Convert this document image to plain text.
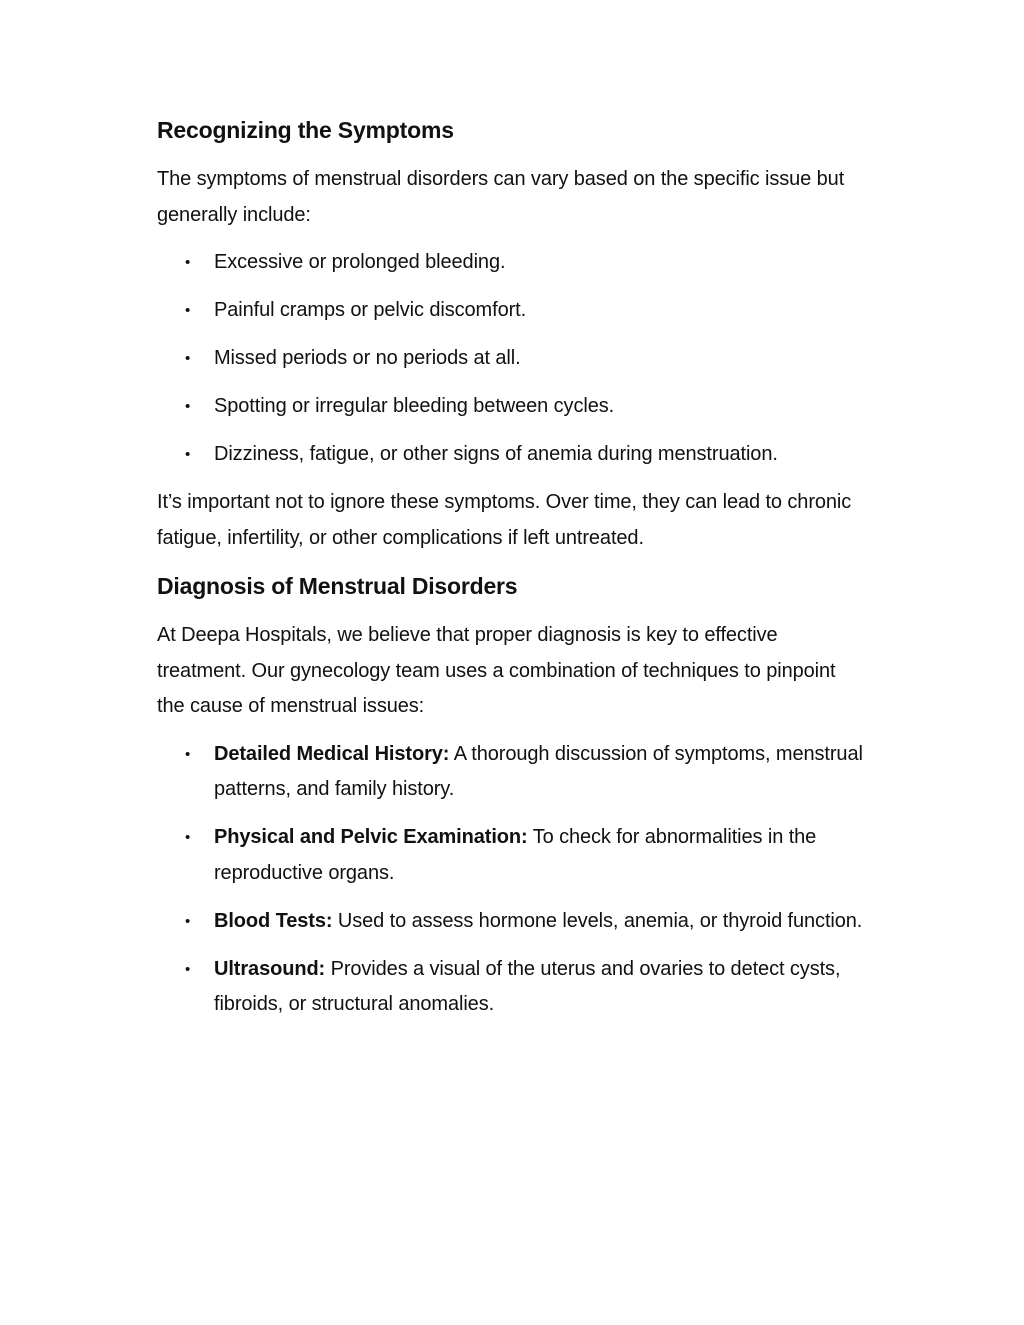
Recognizing the Symptoms

The symptoms of menstrual disorders can vary based on the specific issue but generally include:

• Excessive or prolonged bleeding.
• Painful cramps or pelvic discomfort.
• Missed periods or no periods at all.
• Spotting or irregular bleeding between cycles.
• Dizziness, fatigue, or other signs of anemia during menstruation.

It’s important not to ignore these symptoms. Over time, they can lead to chronic fatigue, infertility, or other complications if left untreated.

Diagnosis of Menstrual Disorders

At Deepa Hospitals, we believe that proper diagnosis is key to effective treatment. Our gynecology team uses a combination of techniques to pinpoint the cause of menstrual issues:

• Detailed Medical History: A thorough discussion of symptoms, menstrual patterns, and family history.
• Physical and Pelvic Examination: To check for abnormalities in the reproductive organs.
• Blood Tests: Used to assess hormone levels, anemia, or thyroid function.
• Ultrasound: Provides a visual of the uterus and ovaries to detect cysts, fibroids, or structural anomalies.
